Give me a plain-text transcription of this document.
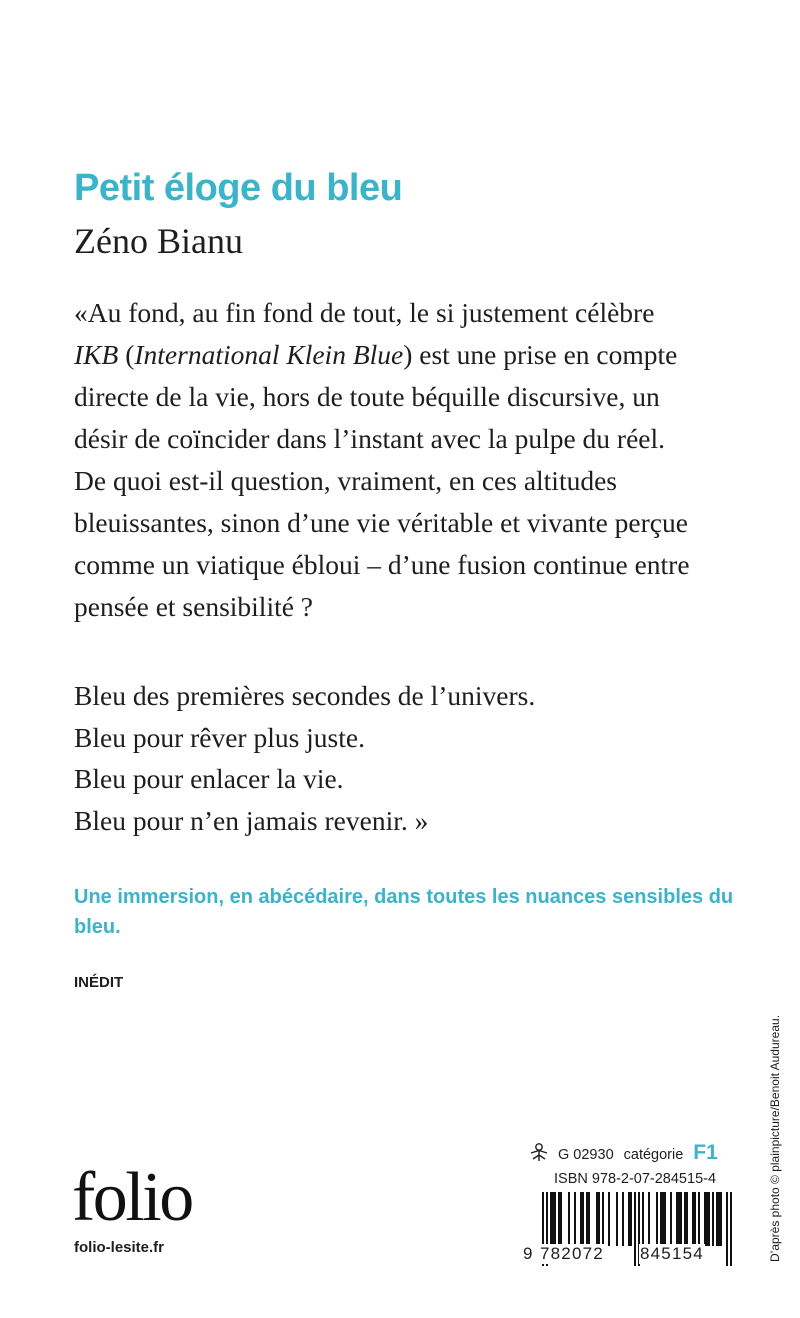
Petit éloge du bleu
Zéno Bianu

«Au fond, au fin fond de tout, le si justement célèbre
IKB (International Klein Blue) est une prise en compte
directe de la vie, hors de toute béquille discursive, un
désir de coïncider dans l’instant avec la pulpe du réel.
De quoi est-il question, vraiment, en ces altitudes
bleuissantes, sinon d’une vie véritable et vivante perçue
comme un viatique ébloui – d’une fusion continue entre
pensée et sensibilité ?

Bleu des premières secondes de l’univers.
Bleu pour rêver plus juste.
Bleu pour enlacer la vie.
Bleu pour n’en jamais revenir. »

Une immersion, en abécédaire, dans toutes les nuances sensibles du bleu.

INÉDIT

D’après photo © plainpicture/Benoit Audureau.
folio
folio-lesite.fr
G 02930 catégorie F1
ISBN 978-2-07-284515-4
9 782072 845154
